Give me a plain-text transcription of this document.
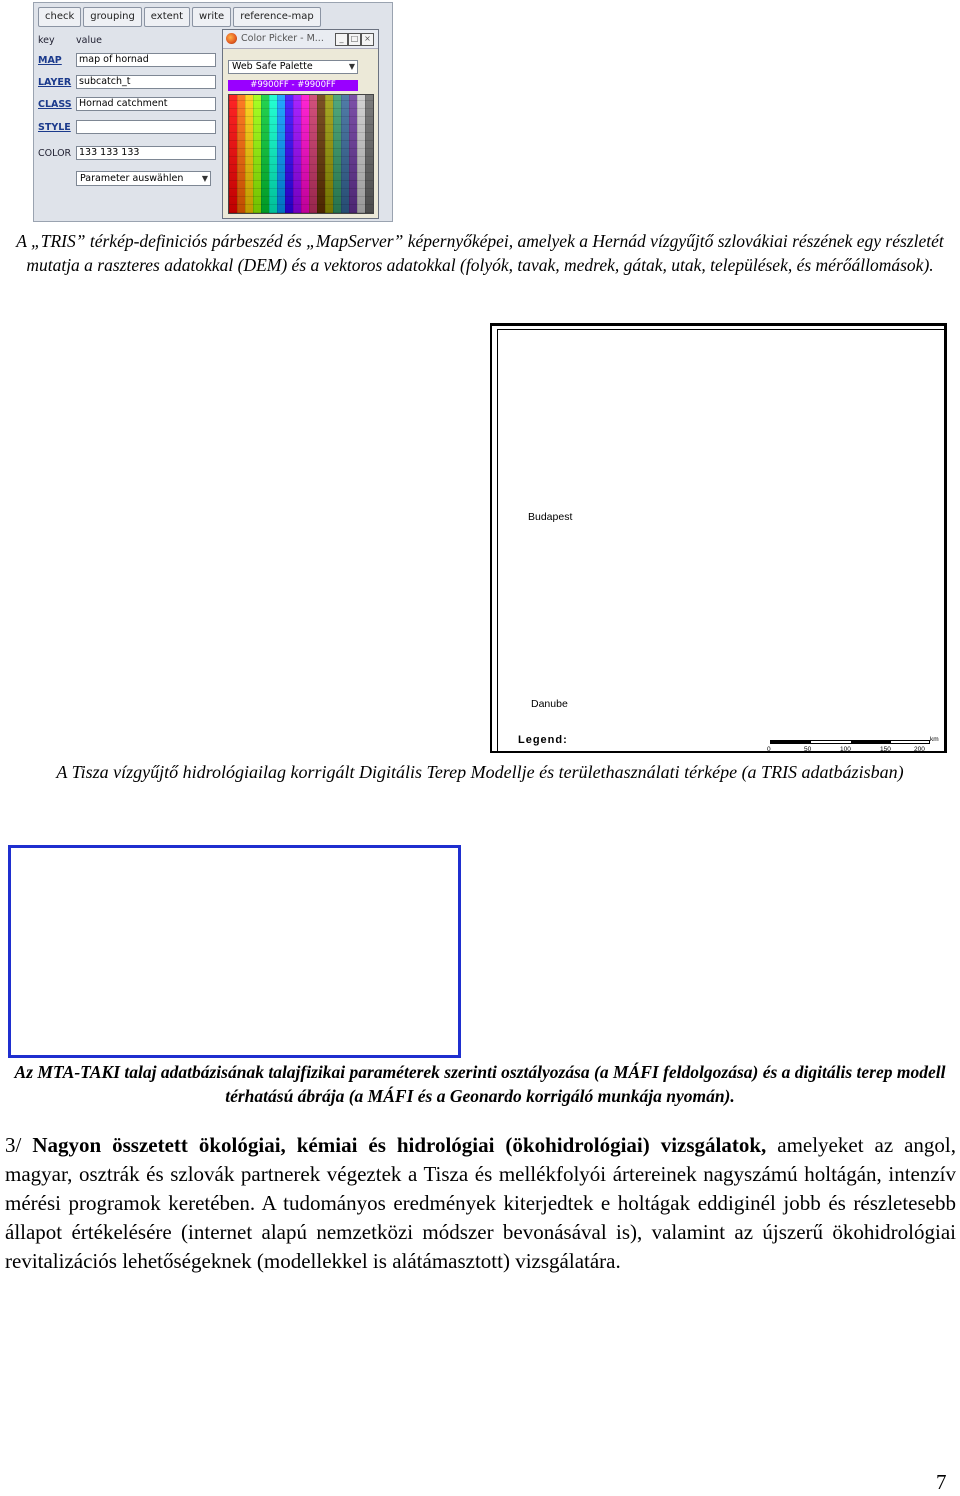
check	grouping	extent	write	reference-map
key value
MAP	map of hornad
LAYER subcatch_t
CLASS Hornad catchment
STYLE
COLOR 133 133 133
Parameter auswählen ▼
Color Picker - M...	_ □ ×
Web Safe Palette	▼
#9900FF - #9900FF
A „TRIS” térkép-definiciós párbeszéd és „MapServer” képernyőképei, amelyek a Hernád vízgyűjtő szlovákiai részének egy részletét mutatja a raszteres adatokkal (DEM) és a vektoros adatokkal (folyók, tavak, medrek, gátak, utak, települések, és mérőállomások).
Budapest
Danube
Legend:
0	50	100	150	200
km
A Tisza vízgyűjtő hidrológiailag korrigált Digitális Terep Modellje és területhasználati térképe (a TRIS adatbázisban)
Az MTA-TAKI talaj adatbázisának talajfizikai paraméterek szerinti osztályozása (a MÁFI feldolgozása) és a digitális terep modell térhatású ábrája (a MÁFI és a Geonardo korrigáló munkája nyomán).
3/ Nagyon összetett ökológiai, kémiai és hidrológiai (ökohidrológiai) vizsgálatok, amelyeket az angol, magyar, osztrák és szlovák partnerek végeztek a Tisza és mellékfolyói ártereinek nagyszámú holtágán, intenzív mérési programok keretében. A tudományos eredmények kiterjedtek e holtágak eddiginél jobb és részletesebb állapot értékelésére (internet alapú nemzetközi módszer bevonásával is), valamint az újszerű ökohidrológiai revitalizációs lehetőségeknek (modellekkel is alátámasztott) vizsgálatára.
7
